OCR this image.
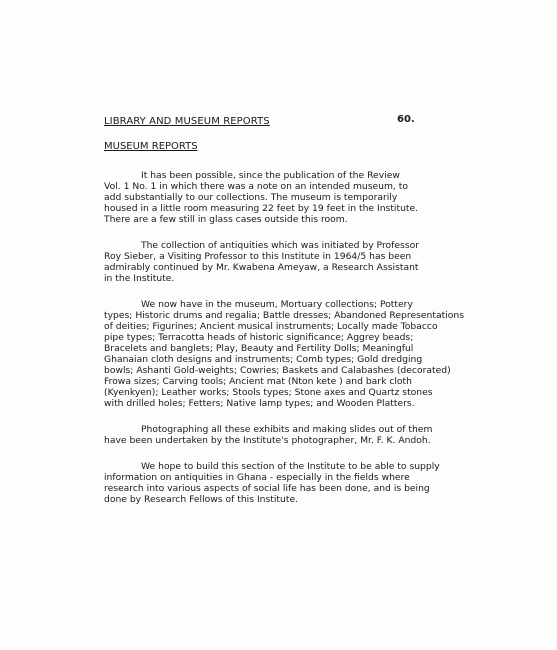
LIBRARY AND MUSEUM REPORTS	60.
MUSEUM REPORTS
It has been possible, since the publication of the Review
Vol. 1 No. 1 in which there was a note on an intended museum, to
add substantially to our collections. The museum is temporarily
housed in a little room measuring 22 feet by 19 feet in the Institute.
There are a few still in glass cases outside this room.
The collection of antiquities which was initiated by Professor
Roy Sieber, a Visiting Professor to this Institute in 1964/5 has been
admirably continued by Mr. Kwabena Ameyaw, a Research Assistant
in the Institute.
We now have in the museum, Mortuary collections; Pottery
types; Historic drums and regalia; Battle dresses; Abandoned Representations
of deities; Figurines; Ancient musical instruments; Locally made Tobacco
pipe types; Terracotta heads of historic significance; Aggrey beads;
Bracelets and banglets; Play, Beauty and Fertility Dolls; Meaningful
Ghanaian cloth designs and instruments; Comb types; Gold dredging
bowls; Ashanti Gold-weights; Cowries; Baskets and Calabashes (decorated)
Frowa sizes; Carving tools; Ancient mat (Nton kete ) and bark cloth
(Kyenkyen); Leather works; Stools types; Stone axes and Quartz stones
with drilled holes; Fetters; Native lamp types; and Wooden Platters.
Photographing all these exhibits and making slides out of them
have been undertaken by the Institute's photographer, Mr. F. K. Andoh.
We hope to build this section of the Institute to be able to supply
information on antiquities in Ghana - especially in the fields where
research into various aspects of social life has been done, and is being
done by Research Fellows of this Institute.
